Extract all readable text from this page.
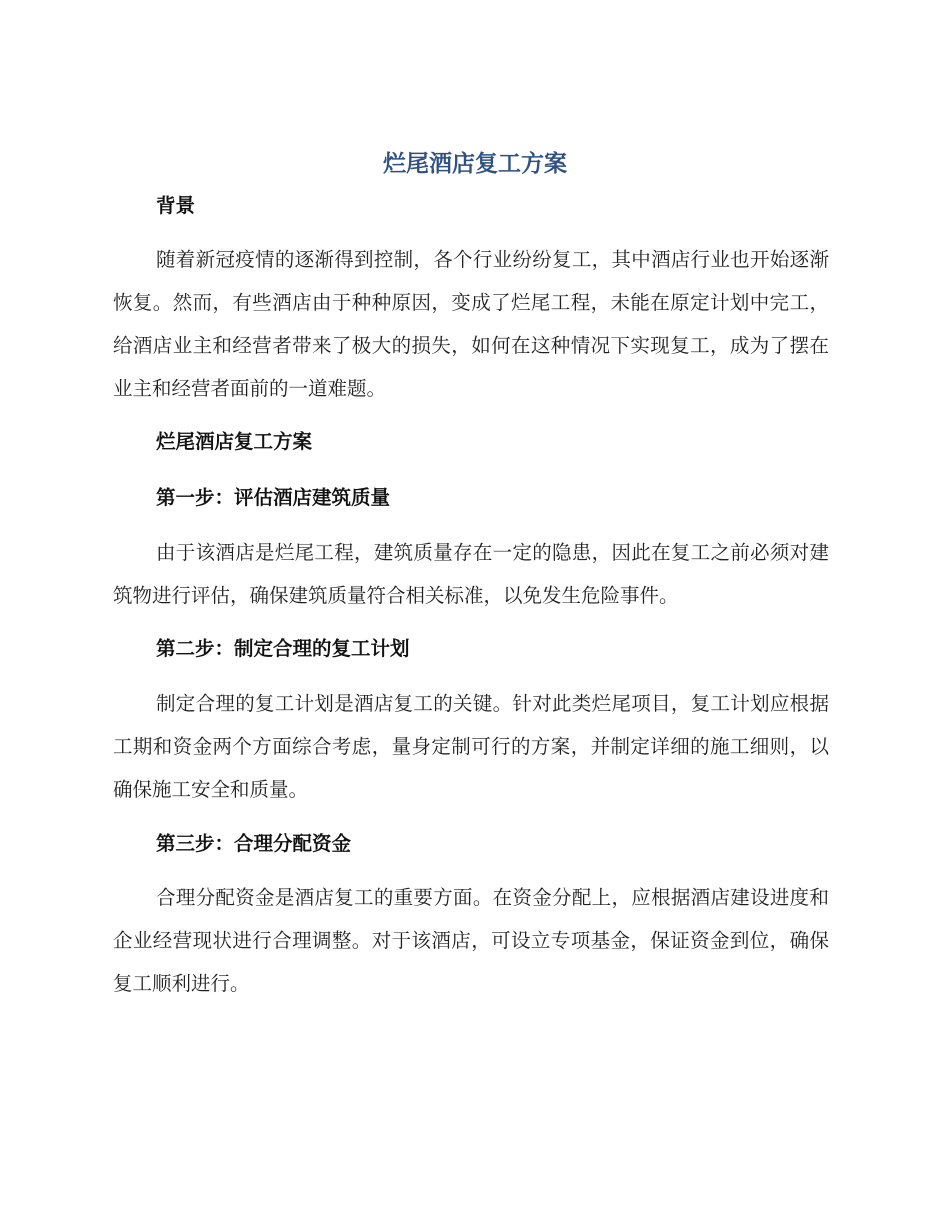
烂尾酒店复工方案
背景

随着新冠疫情的逐渐得到控制，各个行业纷纷复工，其中酒店行业也开始逐渐恢复。然而，有些酒店由于种种原因，变成了烂尾工程，未能在原定计划中完工，给酒店业主和经营者带来了极大的损失，如何在这种情况下实现复工，成为了摆在业主和经营者面前的一道难题。

烂尾酒店复工方案
第一步：评估酒店建筑质量

由于该酒店是烂尾工程，建筑质量存在一定的隐患，因此在复工之前必须对建筑物进行评估，确保建筑质量符合相关标准，以免发生危险事件。

第二步：制定合理的复工计划

制定合理的复工计划是酒店复工的关键。针对此类烂尾项目，复工计划应根据工期和资金两个方面综合考虑，量身定制可行的方案，并制定详细的施工细则，以确保施工安全和质量。

第三步：合理分配资金

合理分配资金是酒店复工的重要方面。在资金分配上，应根据酒店建设进度和企业经营现状进行合理调整。对于该酒店，可设立专项基金，保证资金到位，确保复工顺利进行。
